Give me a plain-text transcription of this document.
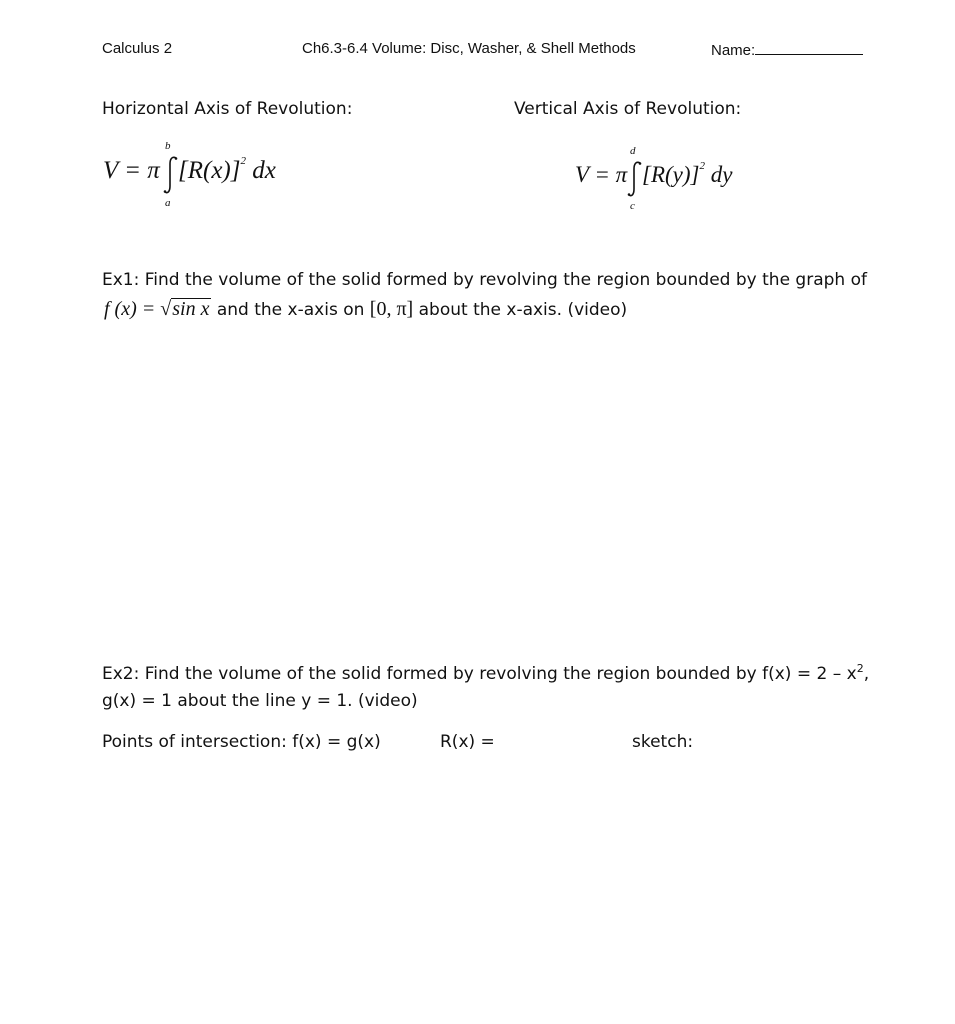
Calculus 2	Ch6.3-6.4 Volume: Disc, Washer, & Shell Methods	Name:
Horizontal Axis of Revolution:
V = π
b
a
$[R(x)]^2$ dx
Vertical Axis of Revolution:
V = π
d
c
$[R(y)]^2$ dy
Ex1: Find the volume of the solid formed by revolving the region bounded by the graph of
f (x) = √sin x and the x-axis on [0, π] about the x-axis. (video)
Ex2: Find the volume of the solid formed by revolving the region bounded by $f(x) = 2 - x^2$,
g(x) = 1 about the line y = 1. (video)
Points of intersection: f(x) = g(x)	R(x) =	sketch:
